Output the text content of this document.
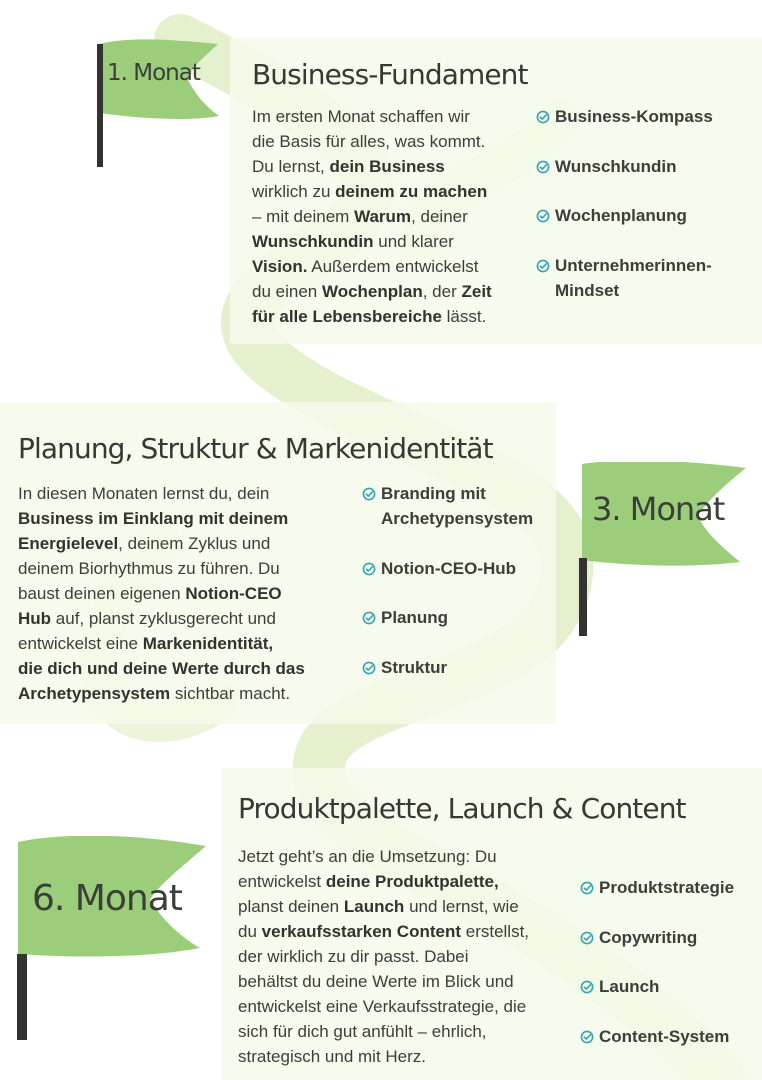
Business-Fundament

Im ersten Monat schaffen wir
die Basis für alles, was kommt.
Du lernst, dein Business
wirklich zu deinem zu machen
– mit deinem Warum, deiner
Wunschkundin und klarer
Vision. Außerdem entwickelst
du einen Wochenplan, der Zeit
für alle Lebensbereiche lässt.

Business-Kompass
Wunschkundin
Wochenplanung
Unternehmerinnen-
Mindset
Planung, Struktur & Markenidentität

In diesen Monaten lernst du, dein
Business im Einklang mit deinem
Energielevel, deinem Zyklus und
deinem Biorhythmus zu führen. Du
baust deinen eigenen Notion-CEO
Hub auf, planst zyklusgerecht und
entwickelst eine Markenidentität,
die dich und deine Werte durch das
Archetypensystem sichtbar macht.

Branding mit
Archetypensystem
Notion-CEO-Hub
Planung
Struktur
Produktpalette, Launch & Content

Jetzt geht’s an die Umsetzung: Du
entwickelst deine Produktpalette,
planst deinen Launch und lernst, wie
du verkaufsstarken Content erstellst,
der wirklich zu dir passt. Dabei
behältst du deine Werte im Blick und
entwickelst eine Verkaufsstrategie, die
sich für dich gut anfühlt – ehrlich,
strategisch und mit Herz.

Produktstrategie
Copywriting
Launch
Content-System
1. Monat
3. Monat
6. Monat
